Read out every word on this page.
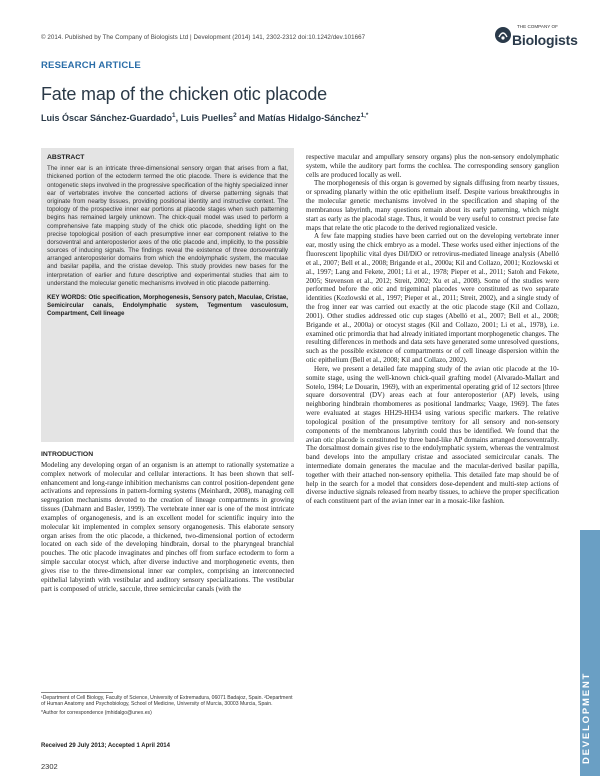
© 2014. Published by The Company of Biologists Ltd | Development (2014) 141, 2302-2312 doi:10.1242/dev.101667
THE COMPANY OF
Biologists
RESEARCH ARTICLE
Fate map of the chicken otic placode
Luis Óscar Sánchez-Guardado$^1$, Luis Puelles$^2$ and Matías Hidalgo-Sánchez$^{1,*}$
ABSTRACT
The inner ear is an intricate three-dimensional sensory organ that arises from a flat, thickened portion of the ectoderm termed the otic placode. There is evidence that the ontogenetic steps involved in the progressive specification of the highly specialized inner ear of vertebrates involve the concerted actions of diverse patterning signals that originate from nearby tissues, providing positional identity and instructive context. The topology of the prospective inner ear portions at placode stages when such patterning begins has remained largely unknown. The chick-quail model was used to perform a comprehensive fate mapping study of the chick otic placode, shedding light on the precise topological position of each presumptive inner ear component relative to the dorsoventral and anteroposterior axes of the otic placode and, implicitly, to the possible sources of inducing signals. The findings reveal the existence of three dorsoventrally arranged anteroposterior domains from which the endolymphatic system, the maculae and basilar papilla, and the cristae develop. This study provides new bases for the interpretation of earlier and future descriptive and experimental studies that aim to understand the molecular genetic mechanisms involved in otic placode patterning.
KEY WORDS: Otic specification, Morphogenesis, Sensory patch, Maculae, Cristae, Semicircular canals, Endolymphatic system, Tegmentum vasculosum, Compartment, Cell lineage
INTRODUCTION

Modeling any developing organ of an organism is an attempt to rationally systematize a complex network of molecular and cellular interactions. It has been shown that self-enhancement and long-range inhibition mechanisms can control position-dependent gene activations and repressions in pattern-forming systems (Meinhardt, 2008), managing cell segregation mechanisms devoted to the creation of lineage compartments in growing tissues (Dahmann and Basler, 1999). The vertebrate inner ear is one of the most intricate examples of organogenesis, and is an excellent model for scientific inquiry into the molecular kit implemented in complex sensory organogenesis. This elaborate sensory organ arises from the otic placode, a thickened, two-dimensional portion of ectoderm located on each side of the developing hindbrain, dorsal to the pharyngeal branchial pouches. The otic placode invaginates and pinches off from surface ectoderm to form a simple saccular otocyst which, after diverse inductive and morphogenetic events, then gives rise to the three-dimensional inner ear complex, comprising an interconnected epithelial labyrinth with vestibular and auditory sensory specializations. The vestibular part is composed of utricle, saccule, three semicircular canals (with the

respective macular and ampullary sensory organs) plus the non-sensory endolymphatic system, while the auditory part forms the cochlea. The corresponding sensory ganglion cells are produced locally as well.

The morphogenesis of this organ is governed by signals diffusing from nearby tissues, or spreading planarly within the otic epithelium itself. Despite various breakthroughs in the molecular genetic mechanisms involved in the specification and shaping of the membranous labyrinth, many questions remain about its early patterning, which might start as early as the placodal stage. Thus, it would be very useful to construct precise fate maps that relate the otic placode to the derived regionalized vesicle.

A few fate mapping studies have been carried out on the developing vertebrate inner ear, mostly using the chick embryo as a model. These works used either injections of the fluorescent lipophilic vital dyes DiI/DiO or retrovirus-mediated lineage analysis (Abelló et al., 2007; Bell et al., 2008; Brigande et al., 2000a; Kil and Collazo, 2001; Kozlowski et al., 1997; Lang and Fekete, 2001; Li et al., 1978; Pieper et al., 2011; Satoh and Fekete, 2005; Stevenson et al., 2012; Streit, 2002; Xu et al., 2008). Some of the studies were performed before the otic and trigeminal placodes were constituted as two separate identities (Kozlowski et al., 1997; Pieper et al., 2011; Streit, 2002), and a single study of the frog inner ear was carried out exactly at the otic placode stage (Kil and Collazo, 2001). Other studies addressed otic cup stages (Abelló et al., 2007; Bell et al., 2008; Brigande et al., 2000a) or otocyst stages (Kil and Collazo, 2001; Li et al., 1978), i.e. examined otic primordia that had already initiated important morphogenetic changes. The resulting differences in methods and data sets have generated some unresolved questions, such as the possible existence of compartments or of cell lineage dispersion within the otic epithelium (Bell et al., 2008; Kil and Collazo, 2002).

Here, we present a detailed fate mapping study of the avian otic placode at the 10-somite stage, using the well-known chick-quail grafting model (Alvarado-Mallart and Sotelo, 1984; Le Douarin, 1969), with an experimental operating grid of 12 sectors [three square dorsoventral (DV) areas each at four anteroposterior (AP) levels, using neighboring hindbrain rhombomeres as positional landmarks; Vaage, 1969]. The fates were evaluated at stages HH29-HH34 using various specific markers. The relative topological position of the presumptive territory for all sensory and non-sensory components of the membranous labyrinth could thus be identified. We found that the avian otic placode is constituted by three band-like AP domains arranged dorsoventrally. The dorsalmost domain gives rise to the endolymphatic system, whereas the ventralmost band develops into the ampullary cristae and associated semicircular canals. The intermediate domain generates the maculae and the macular-derived basilar papilla, together with their attached non-sensory epithelia. This detailed fate map should be of help in the search for a model that considers dose-dependent and multi-step actions of diverse inductive signals released from nearby tissues, to achieve the proper specification of each constituent part of the avian inner ear in a mosaic-like fashion.

¹Department of Cell Biology, Faculty of Science, University of Extremadura, 06071 Badajoz, Spain. ²Department of Human Anatomy and Psychobiology, School of Medicine, University of Murcia, 30003 Murcia, Spain.

*Author for correspondence (mhidalgo@unex.es)

Received 29 July 2013; Accepted 1 April 2014
2302
DEVELOPMENT
